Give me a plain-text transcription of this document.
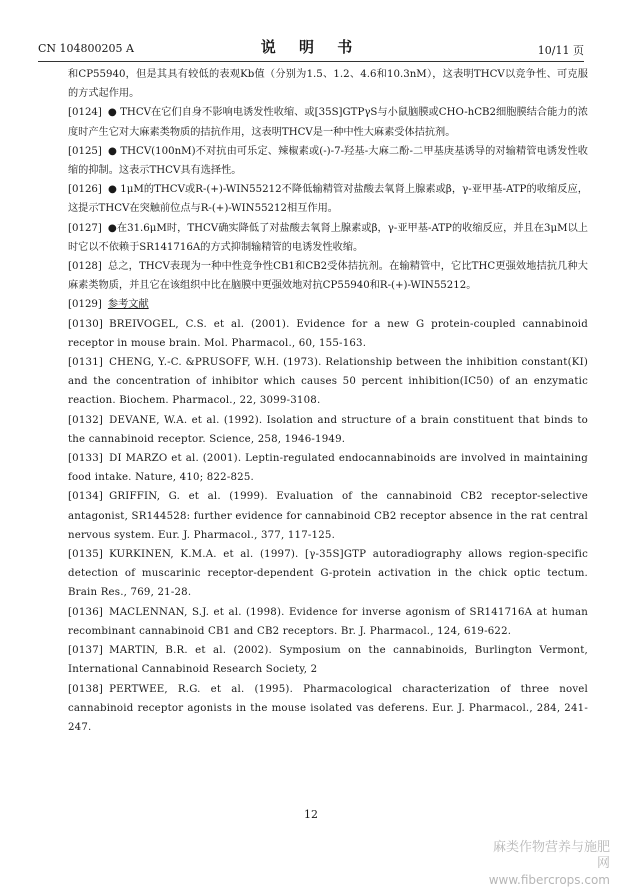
CN 104800205 A	说 明 书	10/11 页

和CP55940，但是其具有较低的表观Kb值（分别为1.5、1.2、4.6和10.3nM），这表明THCV以竞争性、可克服的方式起作用。

[0124] ● THCV在它们自身不影响电诱发性收缩、或[35S]GTPγS与小鼠脑膜或CHO-hCB2细胞膜结合能力的浓度时产生它对大麻素类物质的拮抗作用，这表明THCV是一种中性大麻素受体拮抗剂。

[0125] ● THCV(100nM)不对抗由可乐定、辣椒素或(-)-7-羟基-大麻二酚-二甲基庚基诱导的对输精管电诱发性收缩的抑制。这表示THCV具有选择性。

[0126] ● 1μM的THCV或R-(+)-WIN55212不降低输精管对盐酸去氧肾上腺素或β，γ-亚甲基-ATP的收缩反应，这提示THCV在突触前位点与R-(+)-WIN55212相互作用。

[0127] ●在31.6μM时，THCV确实降低了对盐酸去氧肾上腺素或β，γ-亚甲基-ATP的收缩反应，并且在3μM以上时它以不依赖于SR141716A的方式抑制输精管的电诱发性收缩。

[0128] 总之，THCV表现为一种中性竞争性CB1和CB2受体拮抗剂。在输精管中，它比THC更强效地拮抗几种大麻素类物质，并且它在该组织中比在脑膜中更强效地对抗CP55940和R-(+)-WIN55212。

[0129] 参考文献

[0130] BREIVOGEL, C.S. et al. (2001). Evidence for a new G protein-coupled cannabinoid receptor in mouse brain. Mol. Pharmacol., 60, 155-163.

[0131] CHENG, Y.-C. &PRUSOFF, W.H. (1973). Relationship between the inhibition constant(KI) and the concentration of inhibitor which causes 50 percent inhibition(IC50) of an enzymatic reaction. Biochem. Pharmacol., 22, 3099-3108.

[0132] DEVANE, W.A. et al. (1992). Isolation and structure of a brain constituent that binds to the cannabinoid receptor. Science, 258, 1946-1949.

[0133] DI MARZO et al. (2001). Leptin-regulated endocannabinoids are involved in maintaining food intake. Nature, 410; 822-825.

[0134] GRIFFIN, G. et al. (1999). Evaluation of the cannabinoid CB2 receptor-selective antagonist, SR144528: further evidence for cannabinoid CB2 receptor absence in the rat central nervous system. Eur. J. Pharmacol., 377, 117-125.

[0135] KURKINEN, K.M.A. et al. (1997). [γ-35S]GTP autoradiography allows region-specific detection of muscarinic receptor-dependent G-protein activation in the chick optic tectum. Brain Res., 769, 21-28.

[0136] MACLENNAN, S.J. et al. (1998). Evidence for inverse agonism of SR141716A at human recombinant cannabinoid CB1 and CB2 receptors. Br. J. Pharmacol., 124, 619-622.

[0137] MARTIN, B.R. et al. (2002). Symposium on the cannabinoids, Burlington Vermont, International Cannabinoid Research Society, 2

[0138] PERTWEE, R.G. et al. (1995). Pharmacological characterization of three novel cannabinoid receptor agonists in the mouse isolated vas deferens. Eur. J. Pharmacol., 284, 241-247.

12
麻类作物营养与施肥网
www.fibercrops.com
